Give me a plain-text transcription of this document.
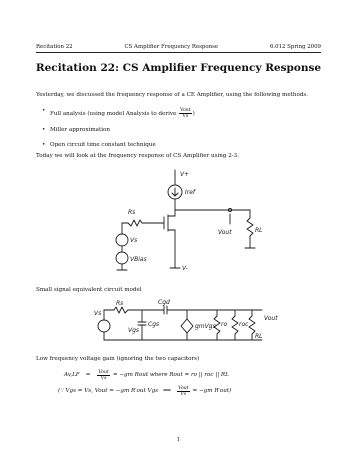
Recitation 22	CS Amplifier Frequency Response	6.012 Spring 2009
Recitation 22: CS Amplifier Frequency Response
Yesterday, we discussed the frequency response of a CE Amplifier, using the following methods.
• Full analysis (using model Analysis to derive $\frac{\text{Vout}}{Vs}$ )
• Miller approximation
• Open circuit time constant technique
Today we will look at the frequency response of CS Amplifier using 2-3.
V+
Iref
V-
Rs
Vs
VBias
RL
Vout
Small signal equivalent circuit model
Vs
Rs
Cgs
Vgs
Cgd
gmVgs ro roc
RL
Vout
Low frequency voltage gain (ignoring the two capacitors)
$Av,LF = \frac{\text{Vout}}{Vs} = -gm$ Rout where Rout = ro || roc || RL
(∵ Vgs = Vs, Vout = −gm R′out Vgs ⟹ $\frac{\text{Vout}}{Vs} = -gm$ R′out)
1
